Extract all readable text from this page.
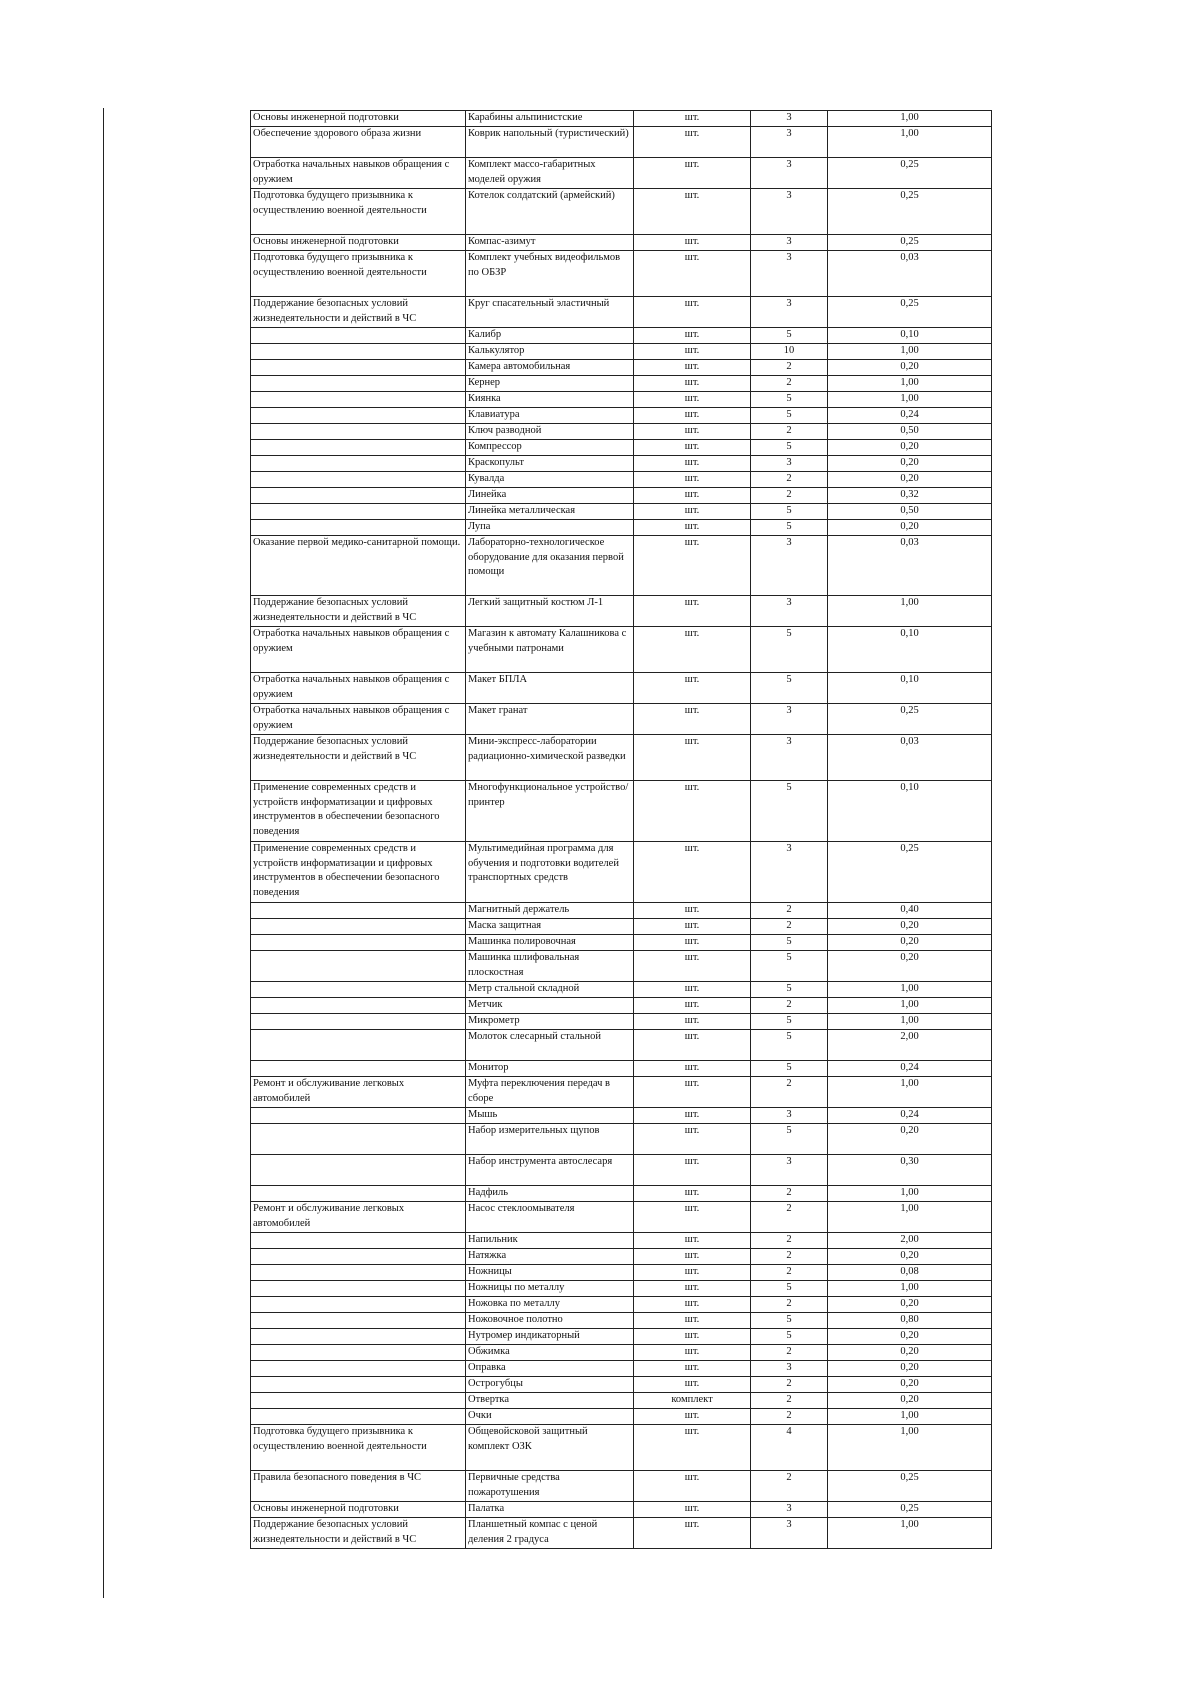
Основы инженерной подготовки	Карабины альпинистские	шт.	3	1,00
Обеспечение здорового образа жизни	Коврик напольный (туристический)	шт.	3	1,00
Отработка начальных навыков обращения с оружием	Комплект массо-габаритных моделей оружия	шт.	3	0,25
Подготовка будущего призывника к осуществлению военной деятельности	Котелок солдатский (армейский)	шт.	3	0,25
Основы инженерной подготовки	Компас-азимут	шт.	3	0,25
Подготовка будущего призывника к осуществлению военной деятельности	Комплект учебных видеофильмов по ОБЗР	шт.	3	0,03
Поддержание безопасных условий жизнедеятельности и действий в ЧС	Круг спасательный эластичный	шт.	3	0,25
	Калибр	шт.	5	0,10
	Калькулятор	шт.	10	1,00
	Камера автомобильная	шт.	2	0,20
	Кернер	шт.	2	1,00
	Киянка	шт.	5	1,00
	Клавиатура	шт.	5	0,24
	Ключ разводной	шт.	2	0,50
	Компрессор	шт.	5	0,20
	Краскопульт	шт.	3	0,20
	Кувалда	шт.	2	0,20
	Линейка	шт.	2	0,32
	Линейка металлическая	шт.	5	0,50
	Лупа	шт.	5	0,20
Оказание первой медико-санитарной помощи.	Лабораторно-технологическое оборудование для оказания первой помощи	шт.	3	0,03
Поддержание безопасных условий жизнедеятельности и действий в ЧС	Легкий защитный костюм Л-1	шт.	3	1,00
Отработка начальных навыков обращения с оружием	Магазин к автомату Калашникова с учебными патронами	шт.	5	0,10
Отработка начальных навыков обращения с оружием	Макет БПЛА	шт.	5	0,10
Отработка начальных навыков обращения с оружием	Макет гранат	шт.	3	0,25
Поддержание безопасных условий жизнедеятельности и действий в ЧС	Мини-экспресс-лаборатории радиационно-химической разведки	шт.	3	0,03
Применение современных средств и устройств информатизации и цифровых инструментов в обеспечении безопасного поведения	Многофункциональное устройство/принтер	шт.	5	0,10
Применение современных средств и устройств информатизации и цифровых инструментов в обеспечении безопасного поведения	Мультимедийная программа для обучения и подготовки водителей транспортных средств	шт.	3	0,25
	Магнитный держатель	шт.	2	0,40
	Маска защитная	шт.	2	0,20
	Машинка полировочная	шт.	5	0,20
	Машинка шлифовальная плоскостная	шт.	5	0,20
	Метр стальной складной	шт.	5	1,00
	Метчик	шт.	2	1,00
	Микрометр	шт.	5	1,00
	Молоток слесарный стальной	шт.	5	2,00
	Монитор	шт.	5	0,24
Ремонт и обслуживание легковых автомобилей	Муфта переключения передач в сборе	шт.	2	1,00
	Мышь	шт.	3	0,24
	Набор измерительных щупов	шт.	5	0,20
	Набор инструмента автослесаря	шт.	3	0,30
	Надфиль	шт.	2	1,00
Ремонт и обслуживание легковых автомобилей	Насос стеклоомывателя	шт.	2	1,00
	Напильник	шт.	2	2,00
	Натяжка	шт.	2	0,20
	Ножницы	шт.	2	0,08
	Ножницы по металлу	шт.	5	1,00
	Ножовка по металлу	шт.	2	0,20
	Ножовочное полотно	шт.	5	0,80
	Нутромер индикаторный	шт.	5	0,20
	Обжимка	шт.	2	0,20
	Оправка	шт.	3	0,20
	Острогубцы	шт.	2	0,20
	Отвертка	комплект	2	0,20
	Очки	шт.	2	1,00
Подготовка будущего призывника к осуществлению военной деятельности	Общевойсковой защитный комплект ОЗК	шт.	4	1,00
Правила безопасного поведения в ЧС	Первичные средства пожаротушения	шт.	2	0,25
Основы инженерной подготовки	Палатка	шт.	3	0,25
Поддержание безопасных условий жизнедеятельности и действий в ЧС	Планшетный компас с ценой деления 2 градуса	шт.	3	1,00
